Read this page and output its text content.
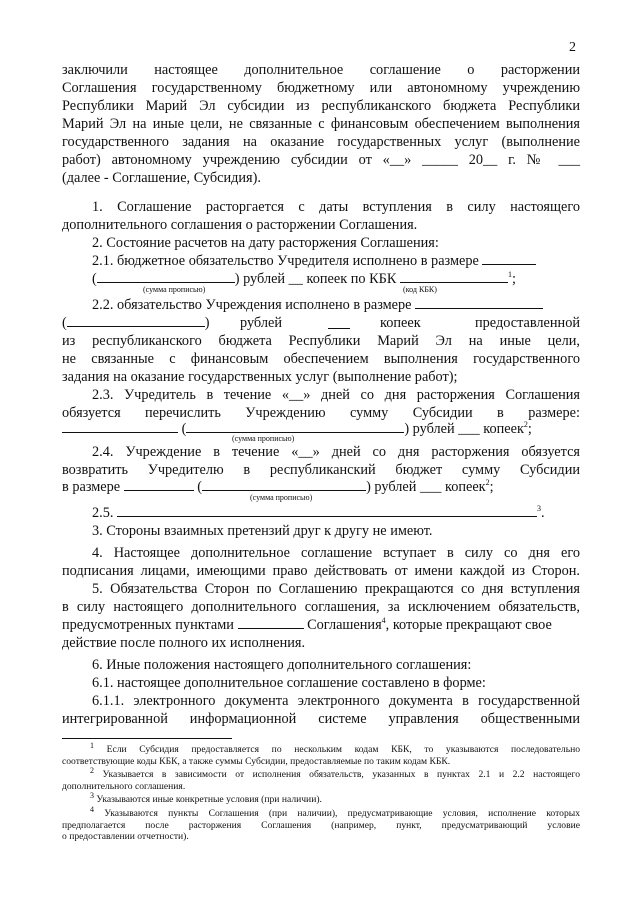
2
заключили настоящее дополнительное соглашение о расторжении
Соглашения государственному бюджетному или автономному учреждению
Республики Марий Эл субсидии из республиканского бюджета Республики
Марий Эл на иные цели, не связанные с финансовым обеспечением выполнения
государственного задания на оказание государственных услуг (выполнение
работ) автономному учреждению субсидии от «__» _____ 20__ г. № ___
(далее - Соглашение, Субсидия).
1. Соглашение расторгается с даты вступления в силу настоящего
дополнительного соглашения о расторжении Соглашения.
2. Состояние расчетов на дату расторжения Соглашения:
2.1. бюджетное обязательство Учредителя исполнено в размере
(	) рублей __ копеек по КБК	$^1$;
(сумма прописью)	(код КБК)
2.2. обязательство Учреждения исполнено в размере
(	) рублей	копеек	предоставленной
из республиканского бюджета Республики Марий Эл на иные цели,
не связанные с финансовым обеспечением выполнения государственного
задания на оказание государственных услуг (выполнение работ);
2.3. Учредитель в течение «__» дней со дня расторжения Соглашения
обязуется перечислить Учреждению сумму Субсидии в размере:
(	) рублей ___ копеек$^2$;
(сумма прописью)
2.4. Учреждение в течение «__» дней со дня расторжения обязуется
возвратить Учредителю в республиканский бюджет сумму Субсидии
в размере	(	) рублей ___ копеек$^2$;
(сумма прописью)
2.5.	$^3$.
3. Стороны взаимных претензий друг к другу не имеют.
4. Настоящее дополнительное соглашение вступает в силу со дня его
подписания лицами, имеющими право действовать от имени каждой из Сторон.
5. Обязательства Сторон по Соглашению прекращаются со дня вступления
в силу настоящего дополнительного соглашения, за исключением обязательств,
предусмотренных пунктами	Соглашения$^4$, которые прекращают свое
действие после полного их исполнения.
6. Иные положения настоящего дополнительного соглашения:
6.1. настоящее дополнительное соглашение составлено в форме:
6.1.1. электронного документа электронного документа в государственной
интегрированной информационной системе управления общественными
$^1$ Если Субсидия предоставляется по нескольким кодам КБК, то указываются последовательно
соответствующие коды КБК, а также суммы Субсидии, предоставляемые по таким кодам КБК.
$^2$ Указывается в зависимости от исполнения обязательств, указанных в пунктах 2.1 и 2.2 настоящего
дополнительного соглашения.
$^3$ Указываются иные конкретные условия (при наличии).
$^4$ Указываются пункты Соглашения (при наличии), предусматривающие условия, исполнение которых
предполагается после расторжения Соглашения (например, пункт, предусматривающий условие
о предоставлении отчетности).
